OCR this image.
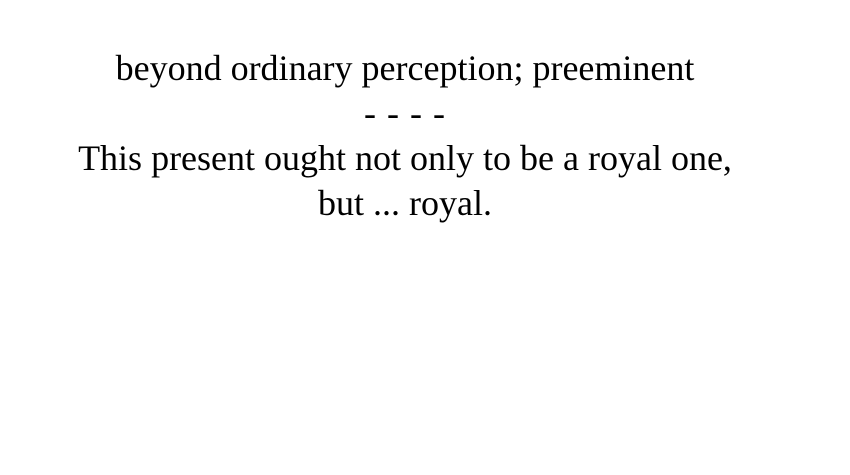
beyond ordinary perception; preeminent

- - - -

This present ought not only to be a royal one,

but ... royal.
